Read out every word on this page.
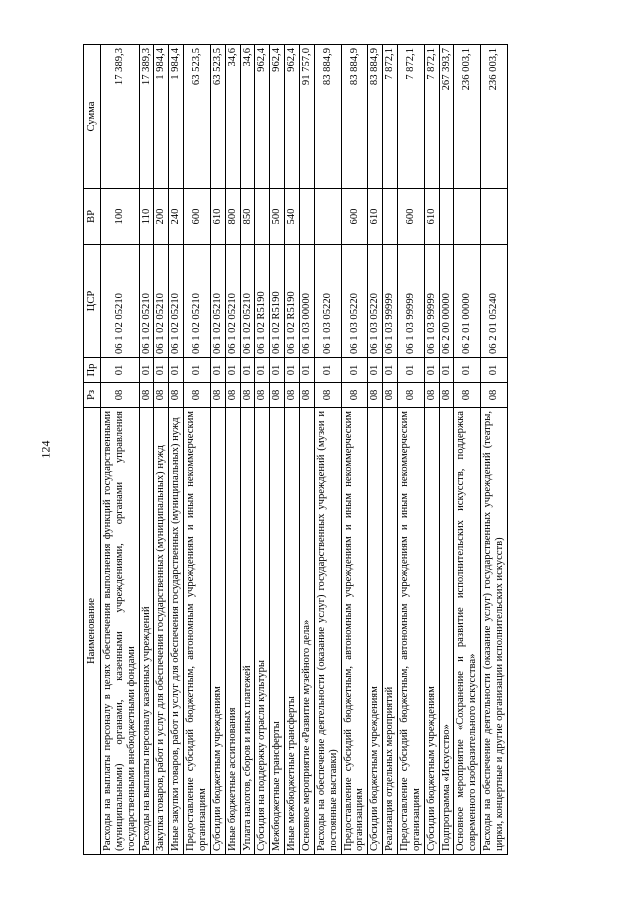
124
Наименование	Рз	Пр	ЦСР	ВР	Сумма
Расходы на выплаты персоналу в целях обеспечения выполнения функций государственными (муниципальными) органами, казенными учреждениями, органами управления государственными внебюджетными фондами	08	01	06 1 02 05210	100	17 389,3
Расходы на выплаты персоналу казенных учреждений	08	01	06 1 02 05210	110	17 389,3
Закупка товаров, работ и услуг для обеспечения государственных (муниципальных) нужд	08	01	06 1 02 05210	200	1 984,4
Иные закупки товаров, работ и услуг для обеспечения государственных (муниципальных) нужд	08	01	06 1 02 05210	240	1 984,4
Предоставление субсидий бюджетным, автономным учреждениям и иным некоммерческим организациям	08	01	06 1 02 05210	600	63 523,5
Субсидии бюджетным учреждениям	08	01	06 1 02 05210	610	63 523,5
Иные бюджетные ассигнования	08	01	06 1 02 05210	800	34,6
Уплата налогов, сборов и иных платежей	08	01	06 1 02 05210	850	34,6
Субсидия на поддержку отрасли культуры	08	01	06 1 02 R5190		962,4
Межбюджетные трансферты	08	01	06 1 02 R5190	500	962,4
Иные межбюджетные трансферты	08	01	06 1 02 R5190	540	962,4
Основное мероприятие «Развитие музейного дела»	08	01	06 1 03 00000		91 757,0
Расходы на обеспечение деятельности (оказание услуг) государственных учреждений (музеи и постоянные выставки)	08	01	06 1 03 05220		83 884,9
Предоставление субсидий бюджетным, автономным учреждениям и иным некоммерческим организациям	08	01	06 1 03 05220	600	83 884,9
Субсидии бюджетным учреждениям	08	01	06 1 03 05220	610	83 884,9
Реализация отдельных мероприятий	08	01	06 1 03 99999		7 872,1
Предоставление субсидий бюджетным, автономным учреждениям и иным некоммерческим организациям	08	01	06 1 03 99999	600	7 872,1
Субсидии бюджетным учреждениям	08	01	06 1 03 99999	610	7 872,1
Подпрограмма «Искусство»	08	01	06 2 00 00000		267 393,7
Основное мероприятие «Сохранение и развитие исполнительских искусств, поддержка современного изобразительного искусства»	08	01	06 2 01 00000		236 003,1
Расходы на обеспечение деятельности (оказание услуг) государственных учреждений (театры, цирки, концертные и другие организации исполнительских искусств)	08	01	06 2 01 05240		236 003,1
